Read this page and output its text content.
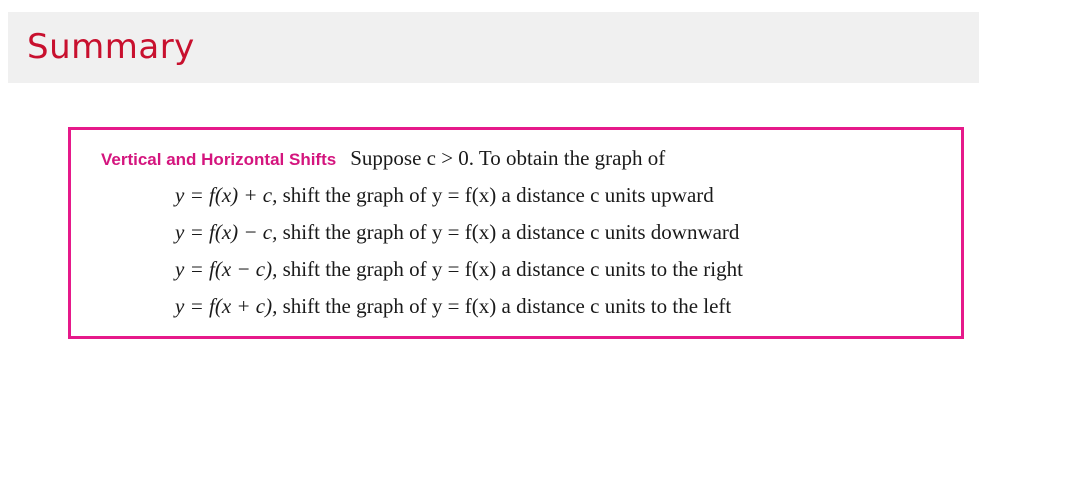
Summary
Vertical and Horizontal Shifts Suppose c > 0. To obtain the graph of
y = f(x) + c, shift the graph of y = f(x) a distance c units upward
y = f(x) − c, shift the graph of y = f(x) a distance c units downward
y = f(x − c), shift the graph of y = f(x) a distance c units to the right
y = f(x + c), shift the graph of y = f(x) a distance c units to the left
